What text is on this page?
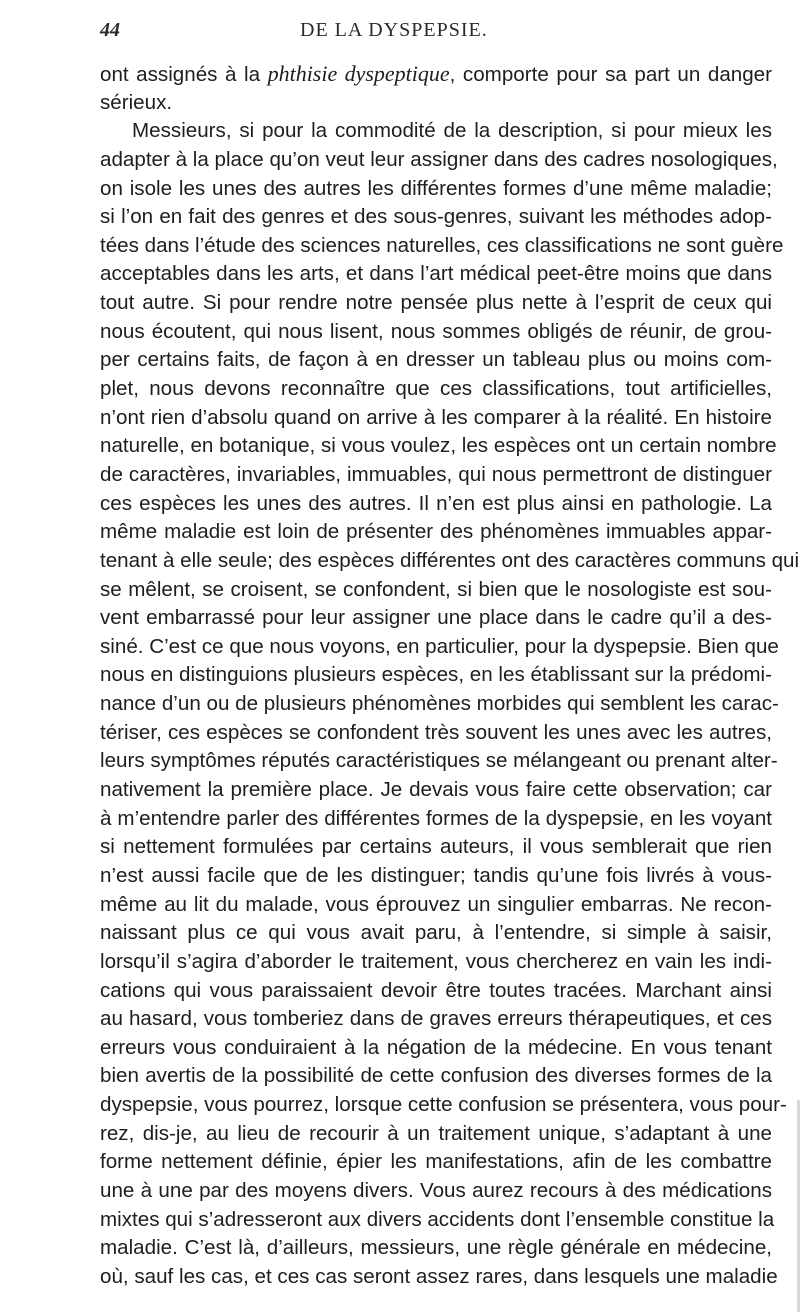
44	DE LA DYSPEPSIE.
ont assignés à la phthisie dyspeptique, comporte pour sa part un danger
sérieux.
Messieurs, si pour la commodité de la description, si pour mieux les
adapter à la place qu’on veut leur assigner dans des cadres nosologiques,
on isole les unes des autres les différentes formes d’une même maladie;
si l’on en fait des genres et des sous-genres, suivant les méthodes adop-
tées dans l’étude des sciences naturelles, ces classifications ne sont guère
acceptables dans les arts, et dans l’art médical peet-être moins que dans
tout autre. Si pour rendre notre pensée plus nette à l’esprit de ceux qui
nous écoutent, qui nous lisent, nous sommes obligés de réunir, de grou-
per certains faits, de façon à en dresser un tableau plus ou moins com-
plet, nous devons reconnaître que ces classifications, tout artificielles,
n’ont rien d’absolu quand on arrive à les comparer à la réalité. En histoire
naturelle, en botanique, si vous voulez, les espèces ont un certain nombre
de caractères, invariables, immuables, qui nous permettront de distinguer
ces espèces les unes des autres. Il n’en est plus ainsi en pathologie. La
même maladie est loin de présenter des phénomènes immuables appar-
tenant à elle seule; des espèces différentes ont des caractères communs qui
se mêlent, se croisent, se confondent, si bien que le nosologiste est sou-
vent embarrassé pour leur assigner une place dans le cadre qu’il a des-
siné. C’est ce que nous voyons, en particulier, pour la dyspepsie. Bien que
nous en distinguions plusieurs espèces, en les établissant sur la prédomi-
nance d’un ou de plusieurs phénomènes morbides qui semblent les carac-
tériser, ces espèces se confondent très souvent les unes avec les autres,
leurs symptômes réputés caractéristiques se mélangeant ou prenant alter-
nativement la première place. Je devais vous faire cette observation; car
à m’entendre parler des différentes formes de la dyspepsie, en les voyant
si nettement formulées par certains auteurs, il vous semblerait que rien
n’est aussi facile que de les distinguer; tandis qu’une fois livrés à vous-
même au lit du malade, vous éprouvez un singulier embarras. Ne recon-
naissant plus ce qui vous avait paru, à l’entendre, si simple à saisir,
lorsqu’il s’agira d’aborder le traitement, vous chercherez en vain les indi-
cations qui vous paraissaient devoir être toutes tracées. Marchant ainsi
au hasard, vous tomberiez dans de graves erreurs thérapeutiques, et ces
erreurs vous conduiraient à la négation de la médecine. En vous tenant
bien avertis de la possibilité de cette confusion des diverses formes de la
dyspepsie, vous pourrez, lorsque cette confusion se présentera, vous pour-
rez, dis-je, au lieu de recourir à un traitement unique, s’adaptant à une
forme nettement définie, épier les manifestations, afin de les combattre
une à une par des moyens divers. Vous aurez recours à des médications
mixtes qui s’adresseront aux divers accidents dont l’ensemble constitue la
maladie. C’est là, d’ailleurs, messieurs, une règle générale en médecine,
où, sauf les cas, et ces cas seront assez rares, dans lesquels une maladie
